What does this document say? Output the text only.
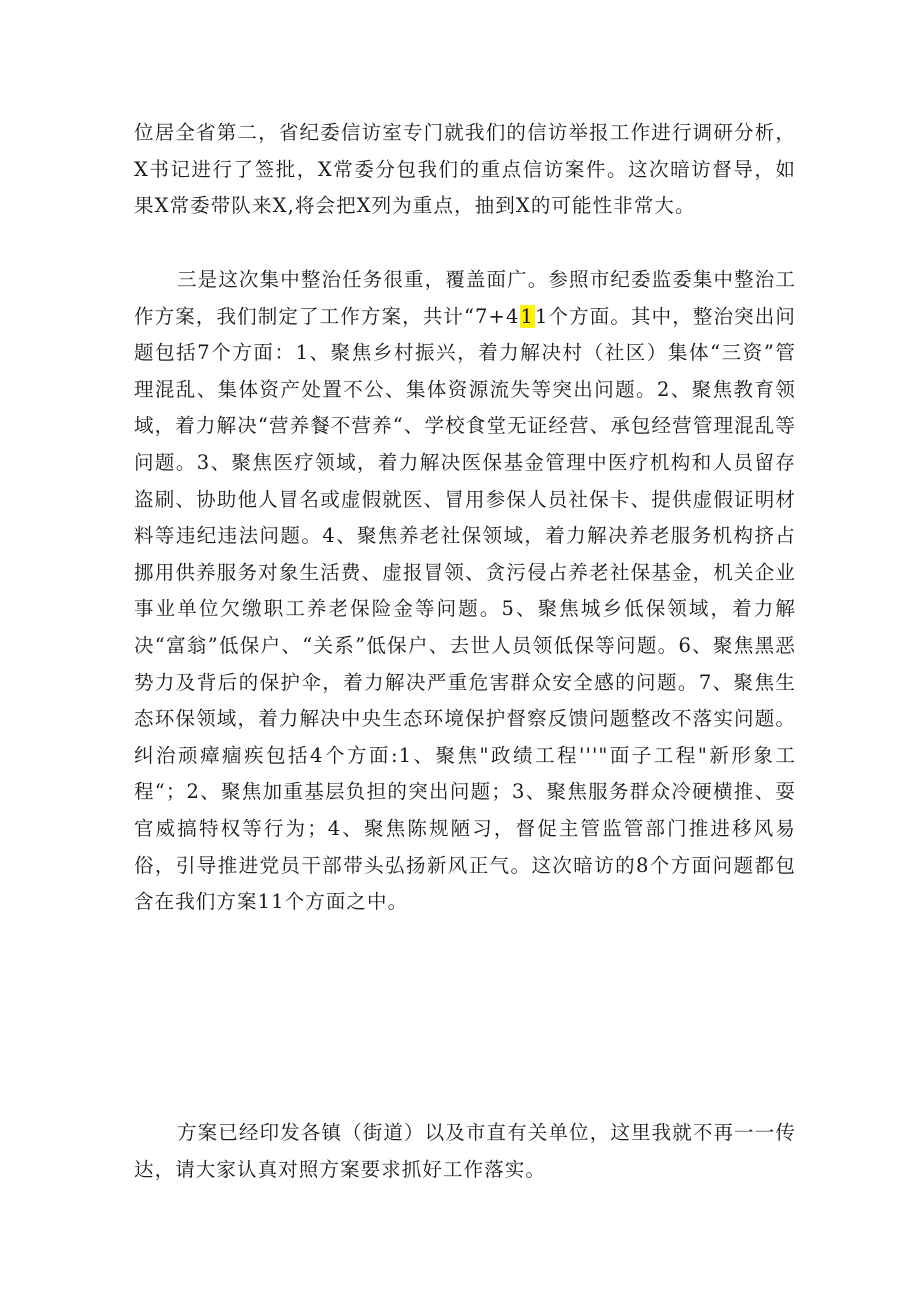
位居全省第二，省纪委信访室专门就我们的信访举报工作进行调研分析，X书记进行了签批，X常委分包我们的重点信访案件。这次暗访督导，如果X常委带队来X,将会把X列为重点，抽到X的可能性非常大。

三是这次集中整治任务很重，覆盖面广。参照市纪委监委集中整治工作方案，我们制定了工作方案，共计“7+411个方面。其中，整治突出问题包括7个方面：1、聚焦乡村振兴，着力解决村（社区）集体“三资”管理混乱、集体资产处置不公、集体资源流失等突出问题。2、聚焦教育领域，着力解决“营养餐不营养“、学校食堂无证经营、承包经营管理混乱等问题。3、聚焦医疗领域，着力解决医保基金管理中医疗机构和人员留存盗刷、协助他人冒名或虚假就医、冒用参保人员社保卡、提供虚假证明材料等违纪违法问题。4、聚焦养老社保领域，着力解决养老服务机构挤占挪用供养服务对象生活费、虚报冒领、贪污侵占养老社保基金，机关企业事业单位欠缴职工养老保险金等问题。5、聚焦城乡低保领域，着力解决“富翁”低保户、“关系”低保户、去世人员领低保等问题。6、聚焦黑恶势力及背后的保护伞，着力解决严重危害群众安全感的问题。7、聚焦生态环保领域，着力解决中央生态环境保护督察反馈问题整改不落实问题。纠治顽瘴痼疾包括4个方面:1、聚焦"政绩工程'''"面子工程"新形象工程“；2、聚焦加重基层负担的突出问题；3、聚焦服务群众冷硬横推、耍官威搞特权等行为；4、聚焦陈规陋习，督促主管监管部门推进移风易俗，引导推进党员干部带头弘扬新风正气。这次暗访的8个方面问题都包含在我们方案11个方面之中。

方案已经印发各镇（街道）以及市直有关单位，这里我就不再一一传达，请大家认真对照方案要求抓好工作落实。
